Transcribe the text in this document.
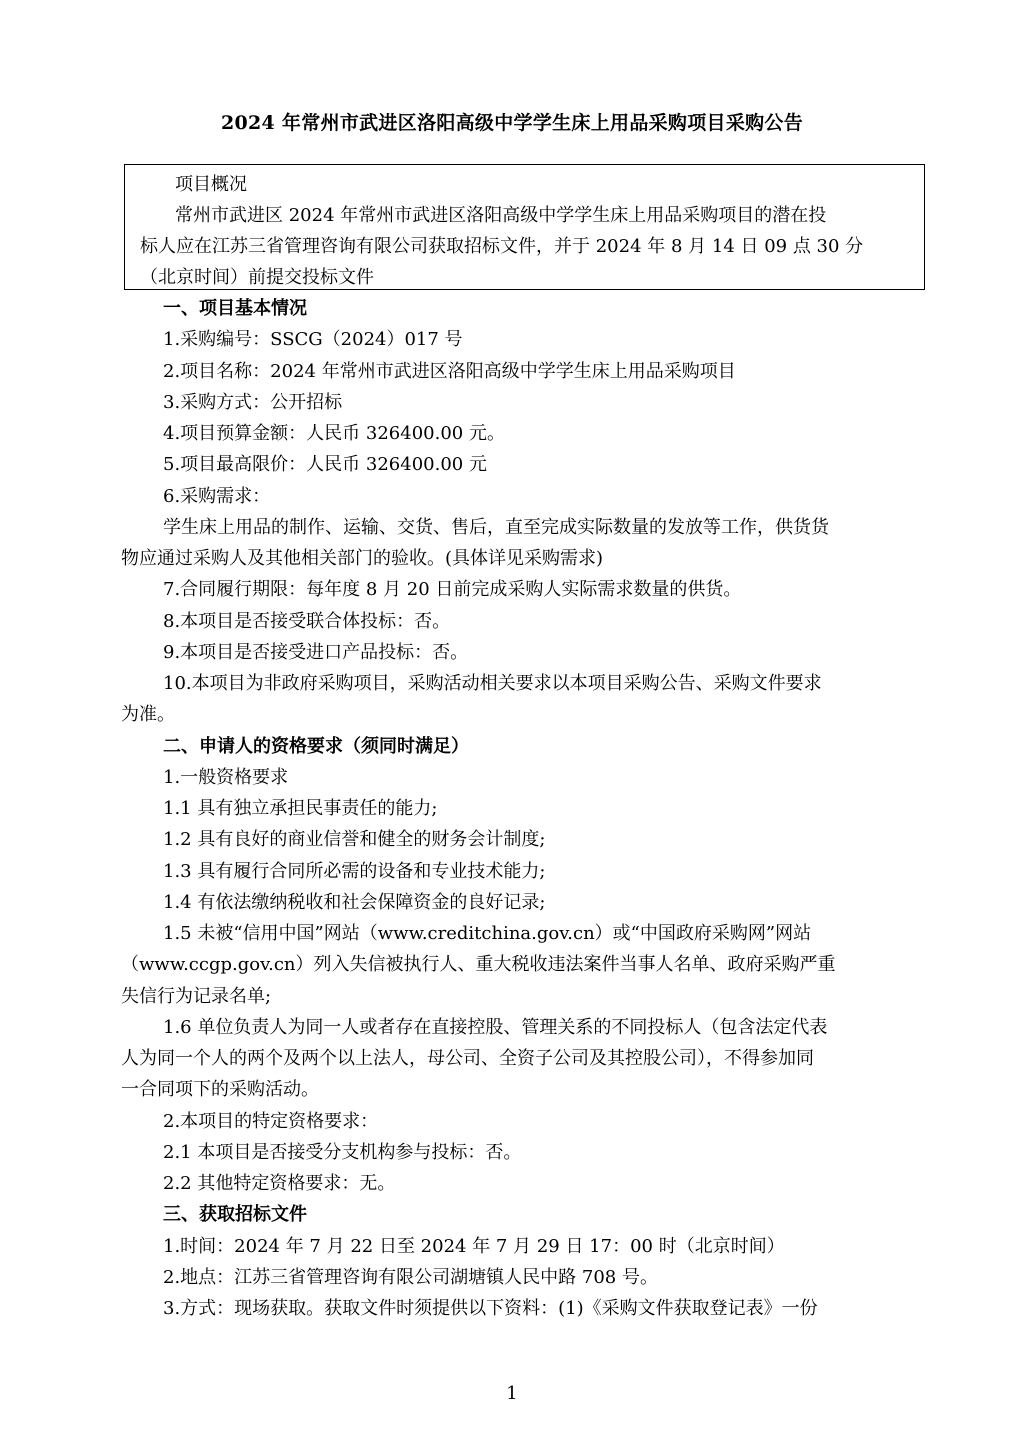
2024 年常州市武进区洛阳高级中学学生床上用品采购项目采购公告
项目概况
常州市武进区 2024 年常州市武进区洛阳高级中学学生床上用品采购项目的潜在投
标人应在江苏三省管理咨询有限公司获取招标文件，并于 2024 年 8 月 14 日 09 点 30 分
（北京时间）前提交投标文件
一、项目基本情况
1.采购编号：SSCG（2024）017 号
2.项目名称：2024 年常州市武进区洛阳高级中学学生床上用品采购项目
3.采购方式：公开招标
4.项目预算金额：人民币 326400.00 元。
5.项目最高限价：人民币 326400.00 元
6.采购需求：
学生床上用品的制作、运输、交货、售后，直至完成实际数量的发放等工作，供货货
物应通过采购人及其他相关部门的验收。(具体详见采购需求)
7.合同履行期限：每年度 8 月 20 日前完成采购人实际需求数量的供货。
8.本项目是否接受联合体投标：否。
9.本项目是否接受进口产品投标：否。
10.本项目为非政府采购项目，采购活动相关要求以本项目采购公告、采购文件要求
为准。
二、申请人的资格要求（须同时满足）
1.一般资格要求
1.1 具有独立承担民事责任的能力;
1.2 具有良好的商业信誉和健全的财务会计制度;
1.3 具有履行合同所必需的设备和专业技术能力;
1.4 有依法缴纳税收和社会保障资金的良好记录;
1.5 未被“信用中国”网站（www.creditchina.gov.cn）或“中国政府采购网”网站
（www.ccgp.gov.cn）列入失信被执行人、重大税收违法案件当事人名单、政府采购严重
失信行为记录名单;
1.6 单位负责人为同一人或者存在直接控股、管理关系的不同投标人（包含法定代表
人为同一个人的两个及两个以上法人，母公司、全资子公司及其控股公司），不得参加同
一合同项下的采购活动。
2.本项目的特定资格要求：
2.1 本项目是否接受分支机构参与投标：否。
2.2 其他特定资格要求：无。
三、获取招标文件
1.时间：2024 年 7 月 22 日至 2024 年 7 月 29 日 17：00 时（北京时间）
2.地点：江苏三省管理咨询有限公司湖塘镇人民中路 708 号。
3.方式：现场获取。获取文件时须提供以下资料：(1)《采购文件获取登记表》一份
1
